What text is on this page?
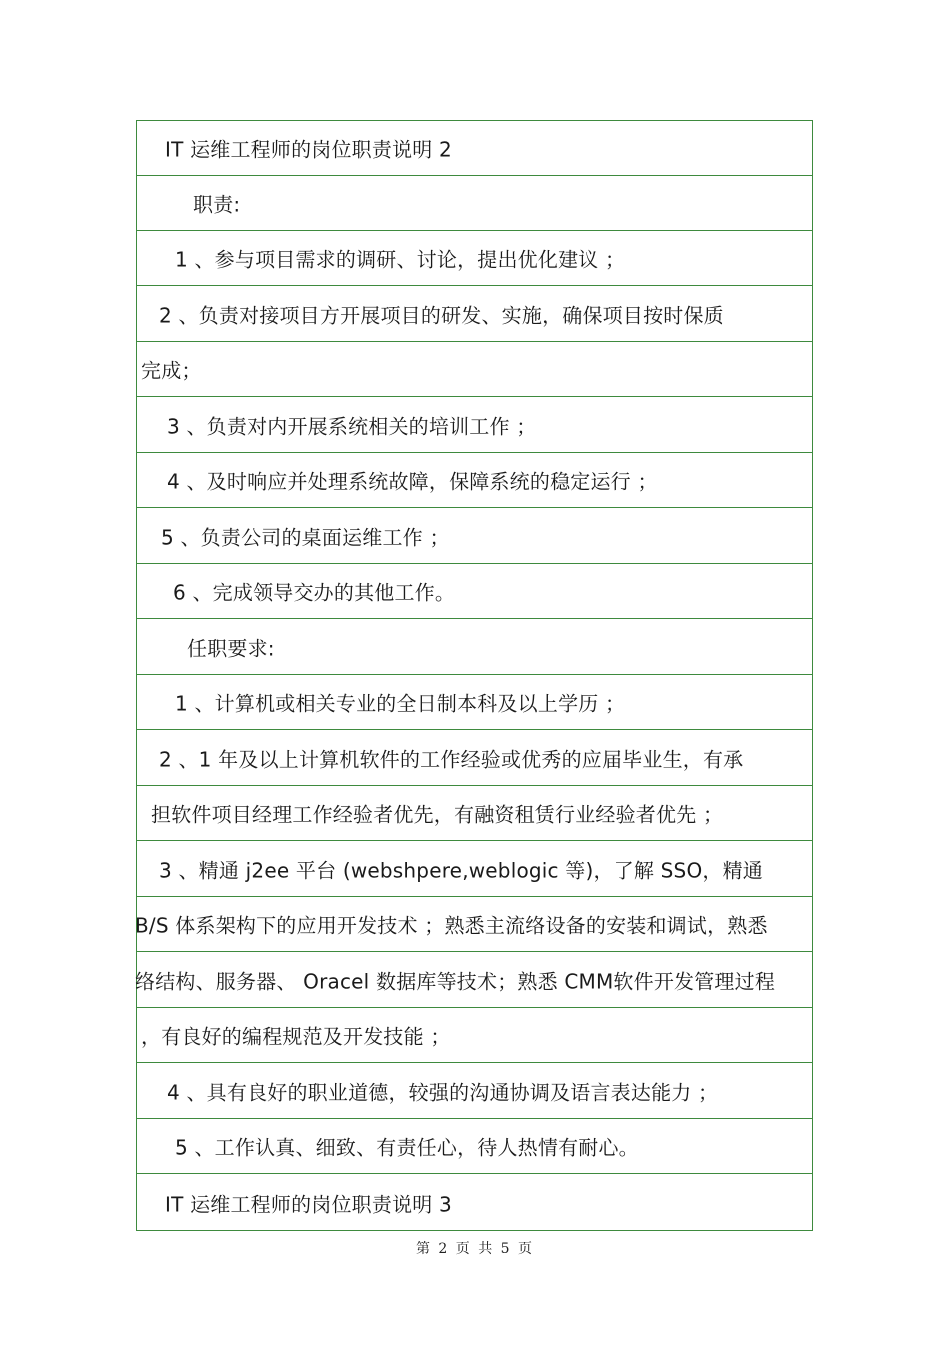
IT 运维工程师的岗位职责说明 2
职责:
1 、参与项目需求的调研、讨论，提出优化建议 ；
2 、负责对接项目方开展项目的研发、实施，确保项目按时保质
完成；
3 、负责对内开展系统相关的培训工作 ；
4 、及时响应并处理系统故障，保障系统的稳定运行 ；
5 、负责公司的桌面运维工作 ；
6 、完成领导交办的其他工作。
任职要求:
1 、计算机或相关专业的全日制本科及以上学历 ；
2 、1 年及以上计算机软件的工作经验或优秀的应届毕业生，有承
担软件项目经理工作经验者优先，有融资租赁行业经验者优先 ；
3 、精通 j2ee 平台 (webshpere,weblogic 等)，了解 SSO，精通
B/S 体系架构下的应用开发技术 ；熟悉主流络设备的安装和调试，熟悉
络结构、服务器、 Oracel 数据库等技术；熟悉 CMM软件开发管理过程
，有良好的编程规范及开发技能 ；
4 、具有良好的职业道德，较强的沟通协调及语言表达能力 ；
5 、工作认真、细致、有责任心，待人热情有耐心。
IT 运维工程师的岗位职责说明 3
第 2 页 共 5 页
